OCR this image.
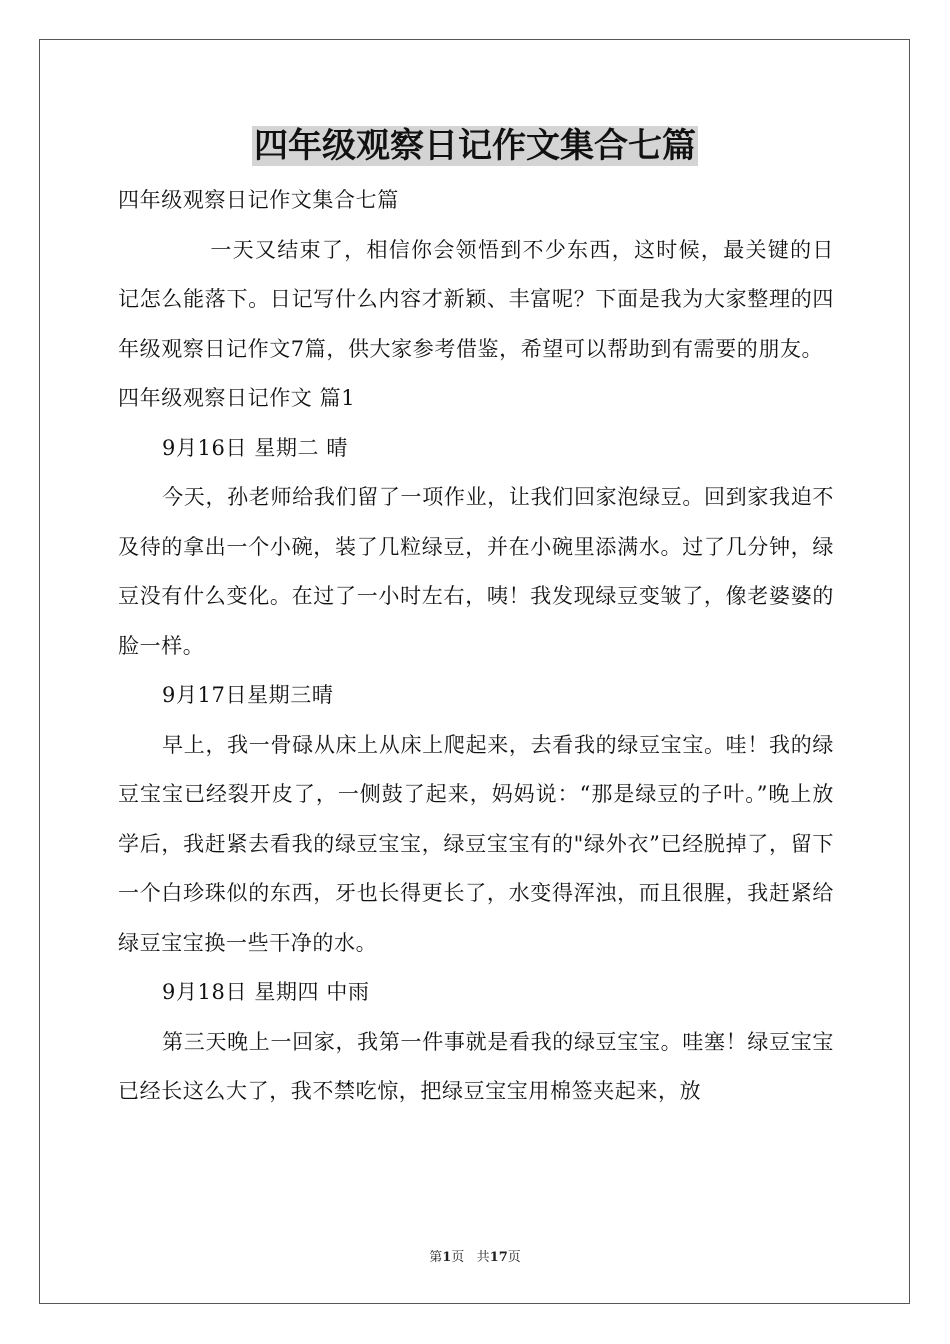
四年级观察日记作文集合七篇
四年级观察日记作文集合七篇

一天又结束了，相信你会领悟到不少东西，这时候，最关键的日记怎么能落下。日记写什么内容才新颖、丰富呢？下面是我为大家整理的四年级观察日记作文7篇，供大家参考借鉴，希望可以帮助到有需要的朋友。

四年级观察日记作文 篇1
9月16日 星期二 晴

今天，孙老师给我们留了一项作业，让我们回家泡绿豆。回到家我迫不及待的拿出一个小碗，装了几粒绿豆，并在小碗里添满水。过了几分钟，绿豆没有什么变化。在过了一小时左右，咦！我发现绿豆变皱了，像老婆婆的脸一样。

9月17日星期三晴

早上，我一骨碌从床上从床上爬起来，去看我的绿豆宝宝。哇！我的绿豆宝宝已经裂开皮了，一侧鼓了起来，妈妈说：“那是绿豆的子叶。”晚上放学后，我赶紧去看我的绿豆宝宝，绿豆宝宝有的"绿外衣”已经脱掉了，留下一个白珍珠似的东西，牙也长得更长了，水变得浑浊，而且很腥，我赶紧给绿豆宝宝换一些干净的水。

9月18日 星期四 中雨

第三天晚上一回家，我第一件事就是看我的绿豆宝宝。哇塞！绿豆宝宝已经长这么大了，我不禁吃惊，把绿豆宝宝用棉签夹起来，放

第1页 共17页
